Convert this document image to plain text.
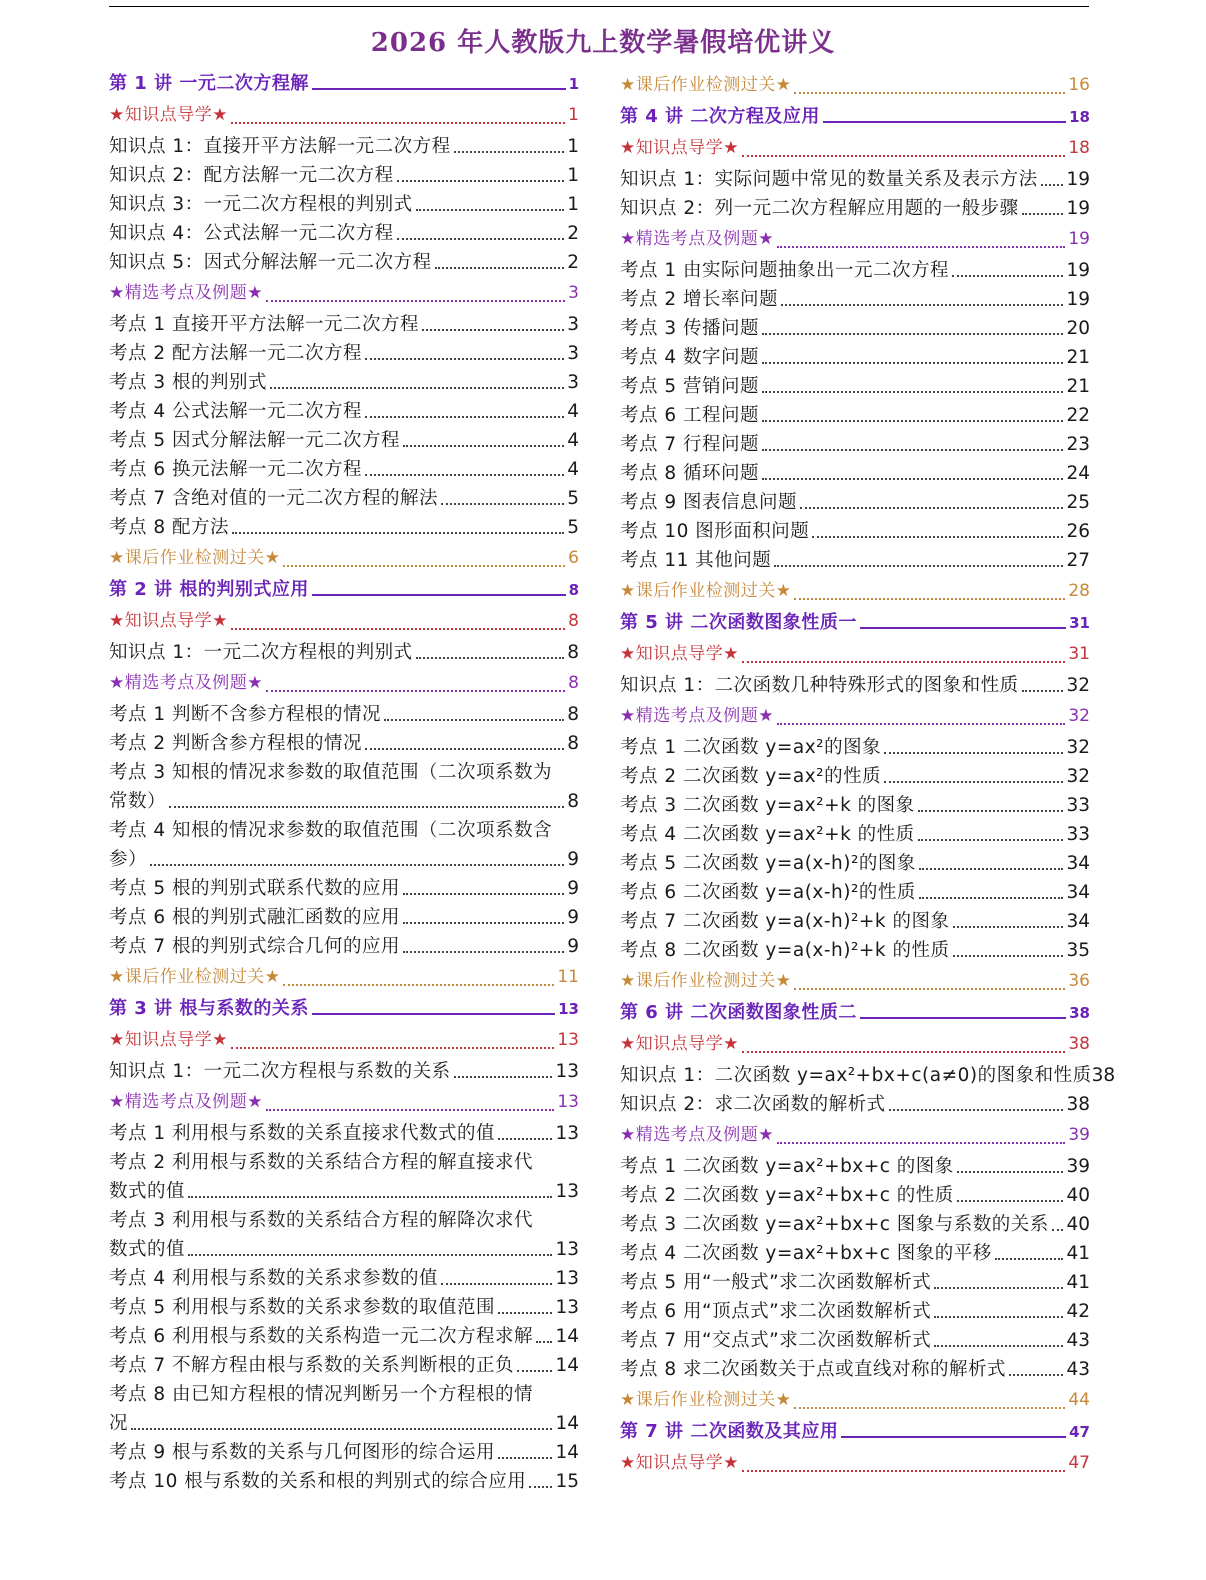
2026 年人教版九上数学暑假培优讲义
第 1 讲 一元二次方程解	1
★知识点导学★	1
知识点 1：直接开平方法解一元二次方程	1
知识点 2：配方法解一元二次方程	1
知识点 3：一元二次方程根的判别式	1
知识点 4：公式法解一元二次方程	2
知识点 5：因式分解法解一元二次方程	2
★精选考点及例题★	3
考点 1 直接开平方法解一元二次方程	3
考点 2 配方法解一元二次方程	3
考点 3 根的判别式	3
考点 4 公式法解一元二次方程	4
考点 5 因式分解法解一元二次方程	4
考点 6 换元法解一元二次方程	4
考点 7 含绝对值的一元二次方程的解法	5
考点 8 配方法	5
★课后作业检测过关★	6
第 2 讲 根的判别式应用	8
★知识点导学★	8
知识点 1：一元二次方程根的判别式	8
★精选考点及例题★	8
考点 1 判断不含参方程根的情况	8
考点 2 判断含参方程根的情况	8
考点 3 知根的情况求参数的取值范围（二次项系数为
常数）	8
考点 4 知根的情况求参数的取值范围（二次项系数含
参）	9
考点 5 根的判别式联系代数的应用	9
考点 6 根的判别式融汇函数的应用	9
考点 7 根的判别式综合几何的应用	9
★课后作业检测过关★	11
第 3 讲 根与系数的关系	13
★知识点导学★	13
知识点 1：一元二次方程根与系数的关系	13
★精选考点及例题★	13
考点 1 利用根与系数的关系直接求代数式的值	13
考点 2 利用根与系数的关系结合方程的解直接求代
数式的值	13
考点 3 利用根与系数的关系结合方程的解降次求代
数式的值	13
考点 4 利用根与系数的关系求参数的值	13
考点 5 利用根与系数的关系求参数的取值范围	13
考点 6 利用根与系数的关系构造一元二次方程求解 14
考点 7 不解方程由根与系数的关系判断根的正负 14
考点 8 由已知方程根的情况判断另一个方程根的情
况	14
考点 9 根与系数的关系与几何图形的综合运用	14
考点 10 根与系数的关系和根的判别式的综合应用 15
★课后作业检测过关★	16
第 4 讲 二次方程及应用	18
★知识点导学★	18
知识点 1：实际问题中常见的数量关系及表示方法 19
知识点 2：列一元二次方程解应用题的一般步骤	19
★精选考点及例题★	19
考点 1 由实际问题抽象出一元二次方程	19
考点 2 增长率问题	19
考点 3 传播问题	20
考点 4 数字问题	21
考点 5 营销问题	21
考点 6 工程问题	22
考点 7 行程问题	23
考点 8 循环问题	24
考点 9 图表信息问题	25
考点 10 图形面积问题	26
考点 11 其他问题	27
★课后作业检测过关★	28
第 5 讲 二次函数图象性质一	31
★知识点导学★	31
知识点 1：二次函数几种特殊形式的图象和性质	32
★精选考点及例题★	32
考点 1 二次函数 y=ax²的图象	32
考点 2 二次函数 y=ax²的性质	32
考点 3 二次函数 y=ax²+k 的图象	33
考点 4 二次函数 y=ax²+k 的性质	33
考点 5 二次函数 y=a(x-h)²的图象	34
考点 6 二次函数 y=a(x-h)²的性质	34
考点 7 二次函数 y=a(x-h)²+k 的图象	34
考点 8 二次函数 y=a(x-h)²+k 的性质	35
★课后作业检测过关★	36
第 6 讲 二次函数图象性质二	38
★知识点导学★	38
知识点 1：二次函数 y=ax²+bx+c(a≠0)的图象和性质 38
知识点 2：求二次函数的解析式	38
★精选考点及例题★	39
考点 1 二次函数 y=ax²+bx+c 的图象	39
考点 2 二次函数 y=ax²+bx+c 的性质	40
考点 3 二次函数 y=ax²+bx+c 图象与系数的关系 40
考点 4 二次函数 y=ax²+bx+c 图象的平移	41
考点 5 用“一般式”求二次函数解析式	41
考点 6 用“顶点式”求二次函数解析式	42
考点 7 用“交点式”求二次函数解析式	43
考点 8 求二次函数关于点或直线对称的解析式	43
★课后作业检测过关★	44
第 7 讲 二次函数及其应用	47
★知识点导学★	47
